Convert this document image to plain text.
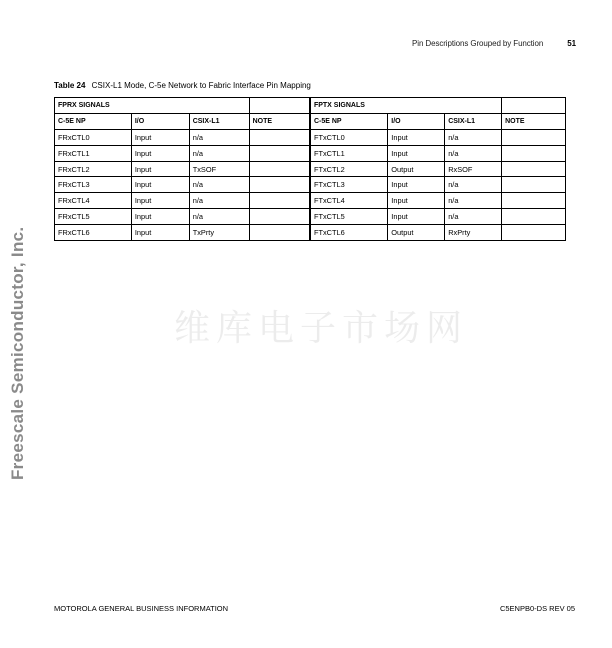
Pin Descriptions Grouped by Function	51
Freescale Semiconductor, Inc.	维库电子市场网
Table 24 CSIX-L1 Mode, C-5e Network to Fabric Interface Pin Mapping
FPRX SIGNALS				FPTX SIGNALS			
C-5E NP	I/O	CSIX-L1	NOTE	C-5E NP	I/O	CSIX-L1	NOTE
FRxCTL0	Input	n/a		FTxCTL0	Input	n/a	
FRxCTL1	Input	n/a		FTxCTL1	Input	n/a	
FRxCTL2	Input	TxSOF		FTxCTL2	Output	RxSOF	
FRxCTL3	Input	n/a		FTxCTL3	Input	n/a	
FRxCTL4	Input	n/a		FTxCTL4	Input	n/a	
FRxCTL5	Input	n/a		FTxCTL5	Input	n/a	
FRxCTL6	Input	TxPrty		FTxCTL6	Output	RxPrty	
MOTOROLA GENERAL BUSINESS INFORMATION	C5ENPB0-DS REV 05
